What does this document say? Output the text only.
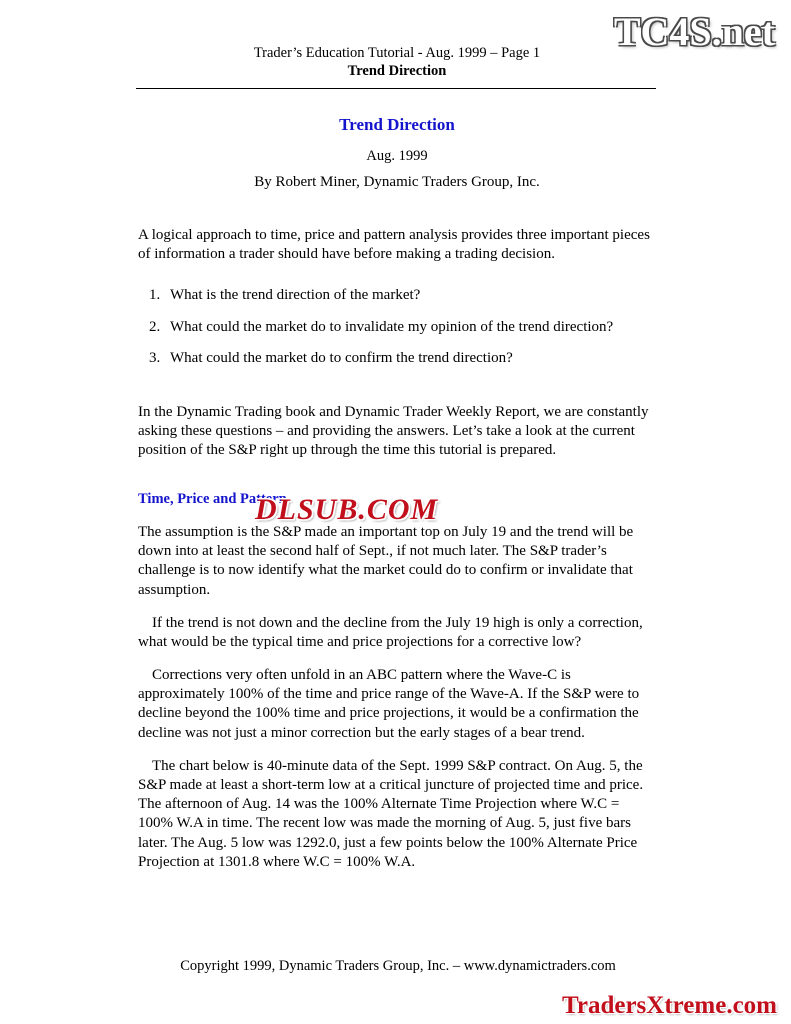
TC4S.net
Trader’s Education Tutorial - Aug. 1999 – Page 1
Trend Direction
Trend Direction
Aug. 1999
By Robert Miner, Dynamic Traders Group, Inc.

A logical approach to time, price and pattern analysis provides three important pieces of information a trader should have before making a trading decision.

1. What is the trend direction of the market?
2. What could the market do to invalidate my opinion of the trend direction?
3. What could the market do to confirm the trend direction?

In the Dynamic Trading book and Dynamic Trader Weekly Report, we are constantly asking these questions – and providing the answers. Let’s take a look at the current position of the S&P right up through the time this tutorial is prepared.

Time, Price and Pattern

The assumption is the S&P made an important top on July 19 and the trend will be down into at least the second half of Sept., if not much later. The S&P trader’s challenge is to now identify what the market could do to confirm or invalidate that assumption.

If the trend is not down and the decline from the July 19 high is only a correction, what would be the typical time and price projections for a corrective low?

Corrections very often unfold in an ABC pattern where the Wave-C is approximately 100% of the time and price range of the Wave-A. If the S&P were to decline beyond the 100% time and price projections, it would be a confirmation the decline was not just a minor correction but the early stages of a bear trend.

The chart below is 40-minute data of the Sept. 1999 S&P contract. On Aug. 5, the S&P made at least a short-term low at a critical juncture of projected time and price. The afternoon of Aug. 14 was the 100% Alternate Time Projection where W.C = 100% W.A in time. The recent low was made the morning of Aug. 5, just five bars later. The Aug. 5 low was 1292.0, just a few points below the 100% Alternate Price Projection at 1301.8 where W.C = 100% W.A.

DLSUB.COM
Copyright 1999, Dynamic Traders Group, Inc. – www.dynamictraders.com
TradersXtreme.com
